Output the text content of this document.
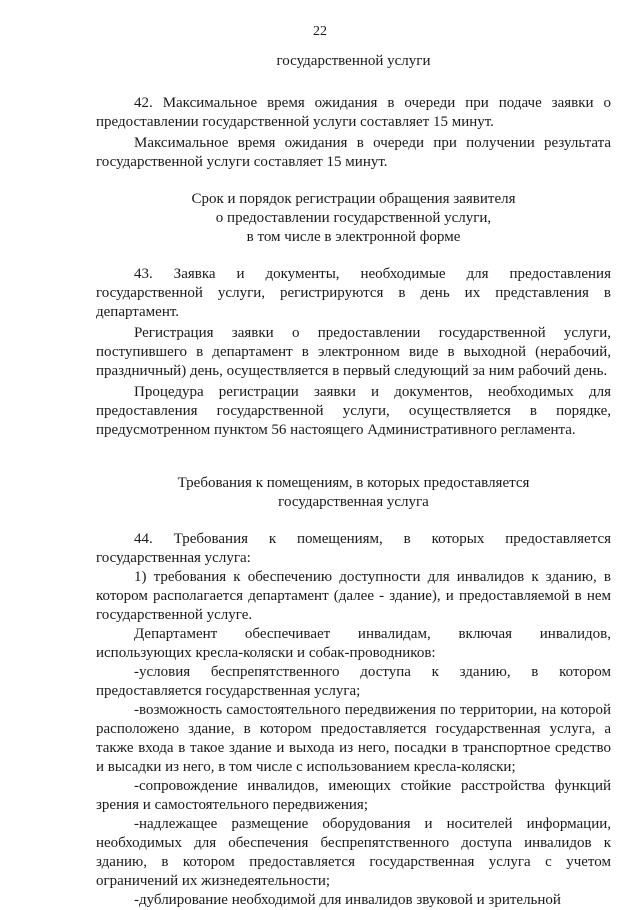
22

государственной услуги

42. Максимальное время ожидания в очереди при подаче заявки о предоставлении государственной услуги составляет 15 минут.

Максимальное время ожидания в очереди при получении результата государственной услуги составляет 15 минут.

Срок и порядок регистрации обращения заявителя
о предоставлении государственной услуги,
в том числе в электронной форме

43. Заявка и документы, необходимые для предоставления государственной услуги, регистрируются в день их представления в департамент.

Регистрация заявки о предоставлении государственной услуги, поступившего в департамент в электронном виде в выходной (нерабочий, праздничный) день, осуществляется в первый следующий за ним рабочий день.

Процедура регистрации заявки и документов, необходимых для предоставления государственной услуги, осуществляется в порядке, предусмотренном пунктом 56 настоящего Административного регламента.

Требования к помещениям, в которых предоставляется
государственная услуга

44. Требования к помещениям, в которых предоставляется государственная услуга:

1) требования к обеспечению доступности для инвалидов к зданию, в котором располагается департамент (далее - здание), и предоставляемой в нем государственной услуге.

Департамент обеспечивает инвалидам, включая инвалидов, использующих кресла-коляски и собак-проводников:

-условия беспрепятственного доступа к зданию, в котором предоставляется государственная услуга;

-возможность самостоятельного передвижения по территории, на которой расположено здание, в котором предоставляется государственная услуга, а также входа в такое здание и выхода из него, посадки в транспортное средство и высадки из него, в том числе с использованием кресла-коляски;

-сопровождение инвалидов, имеющих стойкие расстройства функций зрения и самостоятельного передвижения;

-надлежащее размещение оборудования и носителей информации, необходимых для обеспечения беспрепятственного доступа инвалидов к зданию, в котором предоставляется государственная услуга с учетом ограничений их жизнедеятельности;

-дублирование необходимой для инвалидов звуковой и зрительной
